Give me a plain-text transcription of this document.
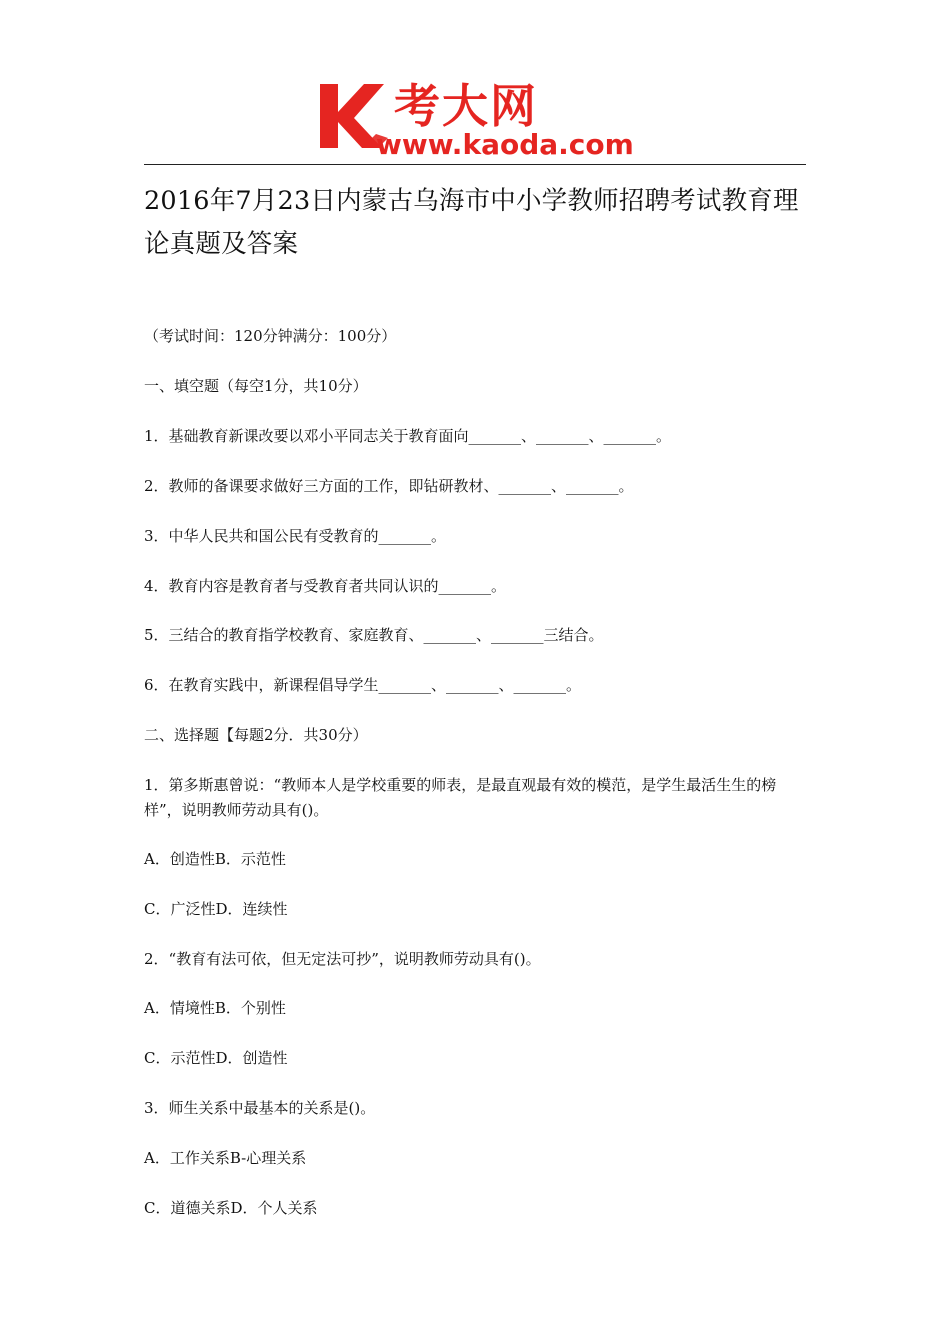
考大网
www.kaoda.com
2016年7月23日内蒙古乌海市中小学教师招聘考试教育理论真题及答案
（考试时间：120分钟满分：100分）
一、填空题（每空1分，共10分）
1．基础教育新课改要以邓小平同志关于教育面向_______、_______、_______。
2．教师的备课要求做好三方面的工作，即钻研教材、_______、_______。
3．中华人民共和国公民有受教育的_______。
4．教育内容是教育者与受教育者共同认识的_______。
5．三结合的教育指学校教育、家庭教育、_______、_______三结合。
6．在教育实践中，新课程倡导学生_______、_______、_______。
二、选择题【每题2分．共30分）
1．第多斯惠曾说：“教师本人是学校重要的师表，是最直观最有效的模范，是学生最活生生的榜样”，说明教师劳动具有()。
A．创造性B．示范性
C．广泛性D．连续性
2．“教育有法可依，但无定法可抄”，说明教师劳动具有()。
A．情境性B．个别性
C．示范性D．创造性
3．师生关系中最基本的关系是()。
A．工作关系B-心理关系
C．道德关系D．个人关系
